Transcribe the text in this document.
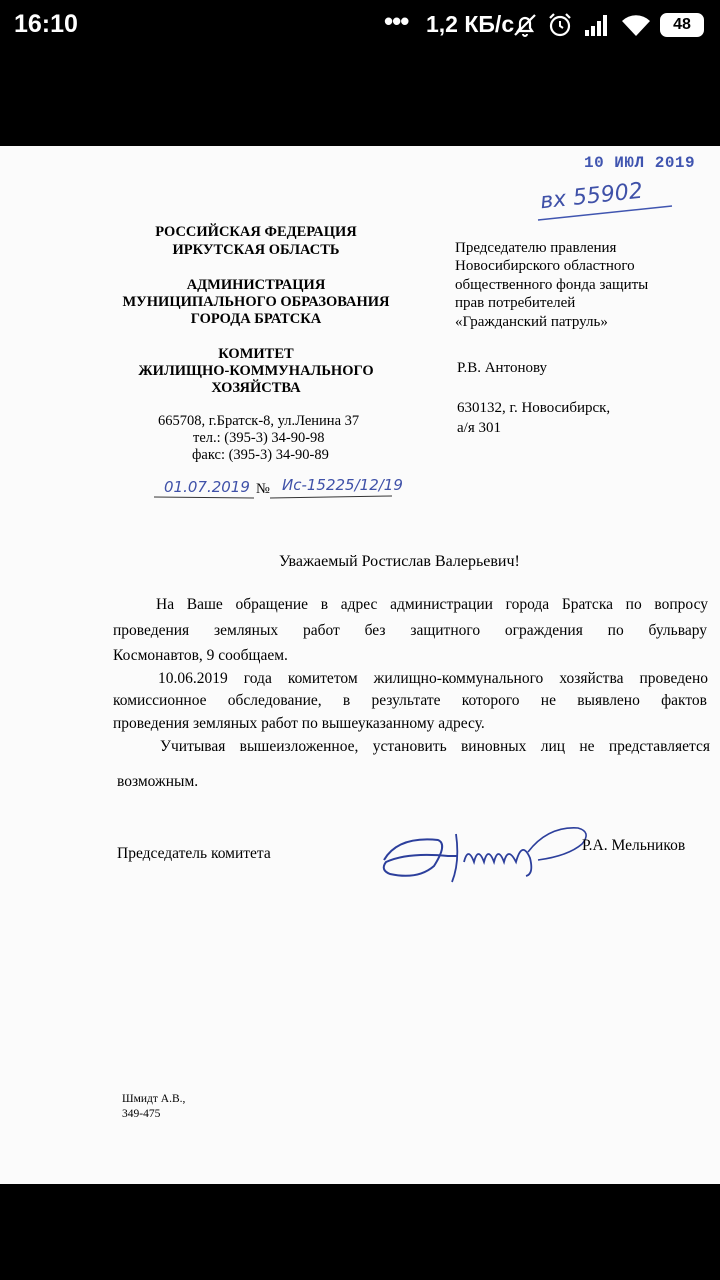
16:10	••• 1,2 КБ/с	48
10 ИЮЛ 2019
вх 55902
РОССИЙСКАЯ ФЕДЕРАЦИЯ
ИРКУТСКАЯ ОБЛАСТЬ
АДМИНИСТРАЦИЯ
МУНИЦИПАЛЬНОГО ОБРАЗОВАНИЯ
ГОРОДА БРАТСКА
КОМИТЕТ
ЖИЛИЩНО-КОММУНАЛЬНОГО
ХОЗЯЙСТВА
665708, г.Братск-8, ул.Ленина 37
тел.: (395-3) 34-90-98
факс: (395-3) 34-90-89
01.07.2019 № Ис-15225/12/19
Председателю правления
Новосибирского областного
общественного фонда защиты
прав потребителей
«Гражданский патруль»
Р.В. Антонову
630132, г. Новосибирск,
а/я 301
Уважаемый Ростислав Валерьевич!
На Ваше обращение в адрес администрации города Братска по вопросу
проведения земляных работ без защитного ограждения по бульвару
Космонавтов, 9 сообщаем.
10.06.2019 года комитетом жилищно-коммунального хозяйства проведено
комиссионное обследование, в результате которого не выявлено фактов
проведения земляных работ по вышеуказанному адресу.
Учитывая вышеизложенное, установить виновных лиц не представляется
возможным.
Председатель комитета	Р.А. Мельников
Шмидт А.В.,
349-475
